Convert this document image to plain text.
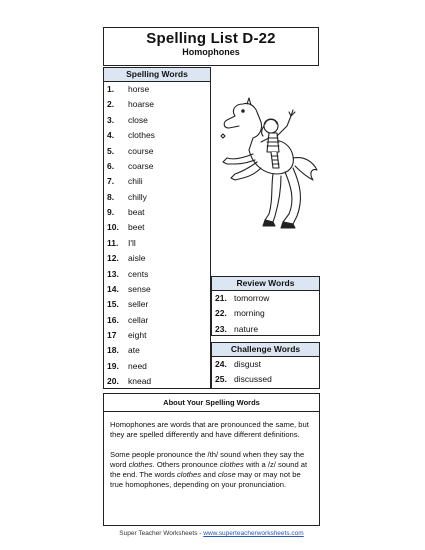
Spelling List D-22
Homophones
Spelling Words
1. horse
2. hoarse
3. close
4. clothes
5. course
6. coarse
7. chili
8. chilly
9. beat
10. beet
11. I'll
12. aisle
13. cents
14. sense
15. seller
16. cellar
17 eight
18. ate
19. need
20. knead
Review Words
21. tomorrow
22. morning
23. nature
Challenge Words
24. disgust
25. discussed
About Your Spelling Words

Homophones are words that are pronounced the same, but they are spelled differently and have different definitions.

Some people pronounce the /th/ sound when they say the word clothes. Others pronounce clothes with a /z/ sound at the end. The words clothes and close may or may not be true homophones, depending on your pronunciation.

Super Teacher Worksheets - www.superteacherworksheets.com
